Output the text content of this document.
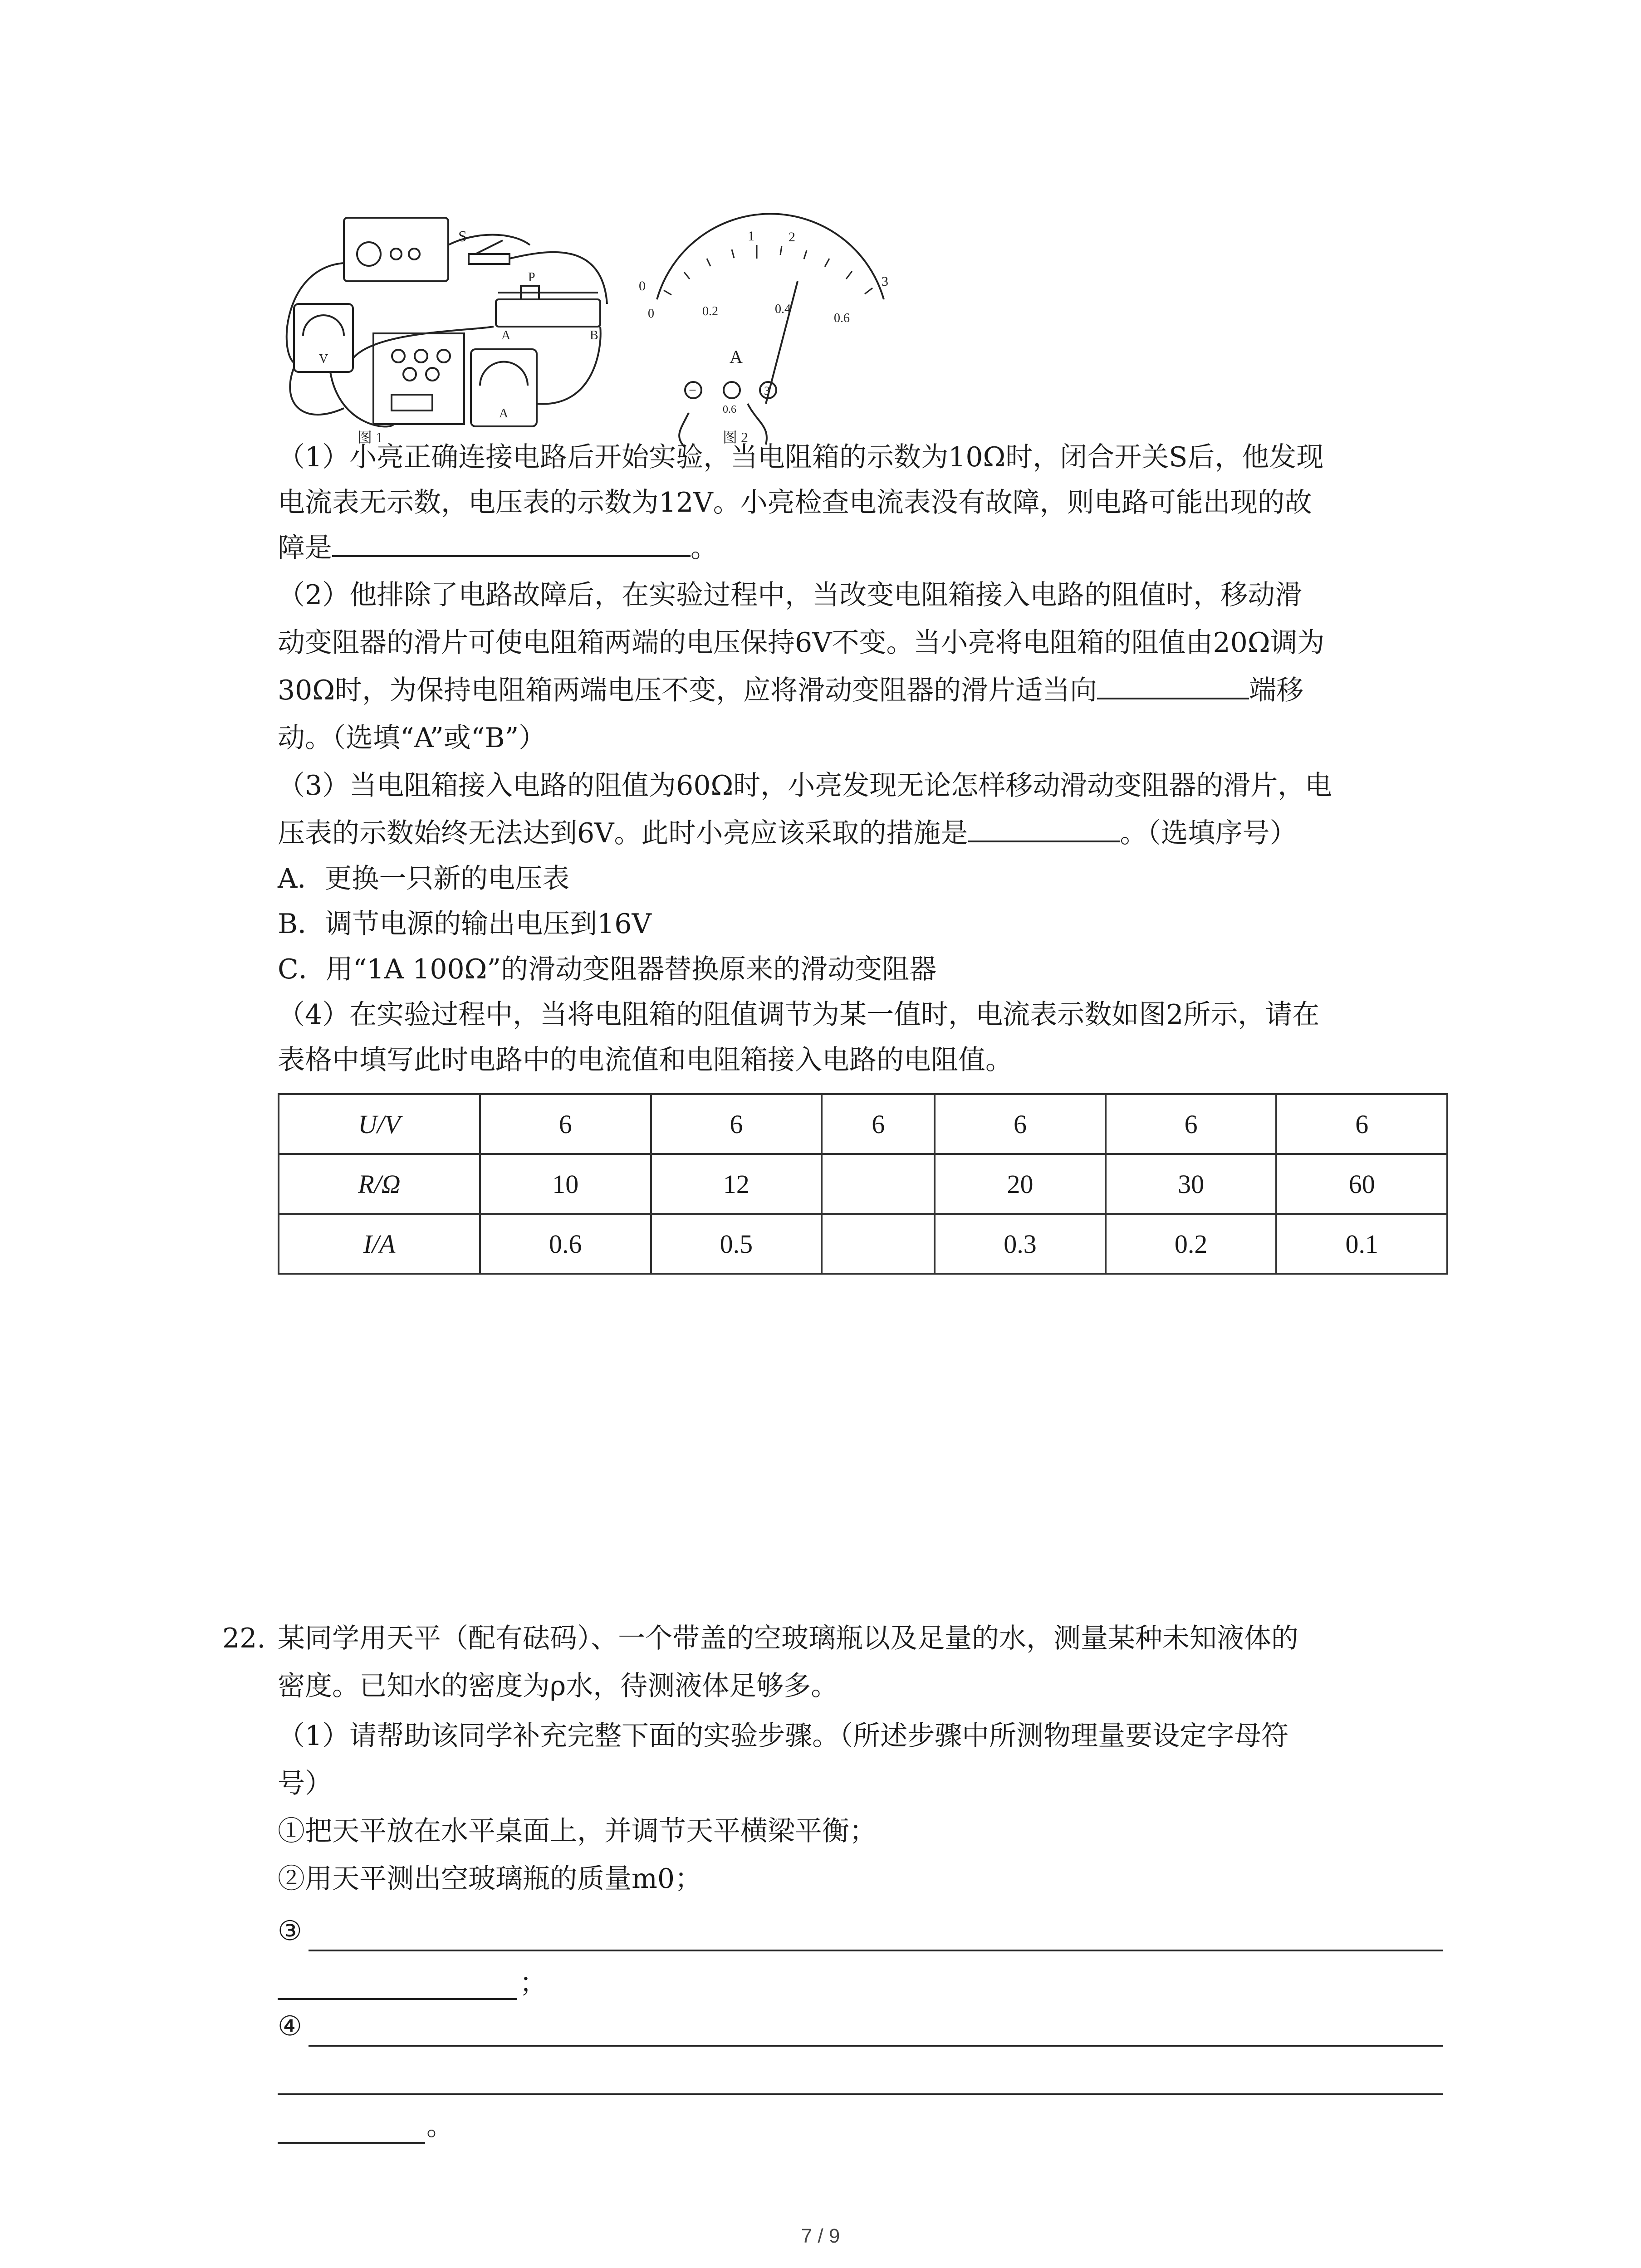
S
P
A	B
V
A
图 1	图 2
0	0.2	0.4
0.6
0
1	2
3
A
−
0.6
3
（1）小亮正确连接电路后开始实验，当电阻箱的示数为10Ω时，闭合开关S后，他发现
电流表无示数，电压表的示数为12V。小亮检查电流表没有故障，则电路可能出现的故
障是	。
（2）他排除了电路故障后，在实验过程中，当改变电阻箱接入电路的阻值时，移动滑
动变阻器的滑片可使电阻箱两端的电压保持6V不变。当小亮将电阻箱的阻值由20Ω调为
30Ω时，为保持电阻箱两端电压不变，应将滑动变阻器的滑片适当向	端移
动。（选填“A”或“B”）
（3）当电阻箱接入电路的阻值为60Ω时，小亮发现无论怎样移动滑动变阻器的滑片，电
压表的示数始终无法达到6V。此时小亮应该采取的措施是	。（选填序号）
A．更换一只新的电压表
B．调节电源的输出电压到16V
C．用“1A 100Ω”的滑动变阻器替换原来的滑动变阻器
（4）在实验过程中，当将电阻箱的阻值调节为某一值时，电流表示数如图2所示，请在
表格中填写此时电路中的电流值和电阻箱接入电路的电阻值。
U/V	6	6	6	6	6	6
R/Ω	10	12		20	30	60
I/A	0.6	0.5		0.3	0.2	0.1
22. 某同学用天平（配有砝码）、一个带盖的空玻璃瓶以及足量的水，测量某种未知液体的
密度。已知水的密度为ρ水，待测液体足够多。
（1）请帮助该同学补充完整下面的实验步骤。（所述步骤中所测物理量要设定字母符
号）
①把天平放在水平桌面上，并调节天平横梁平衡；
②用天平测出空玻璃瓶的质量m0；
③
；
④
。
7 / 9
